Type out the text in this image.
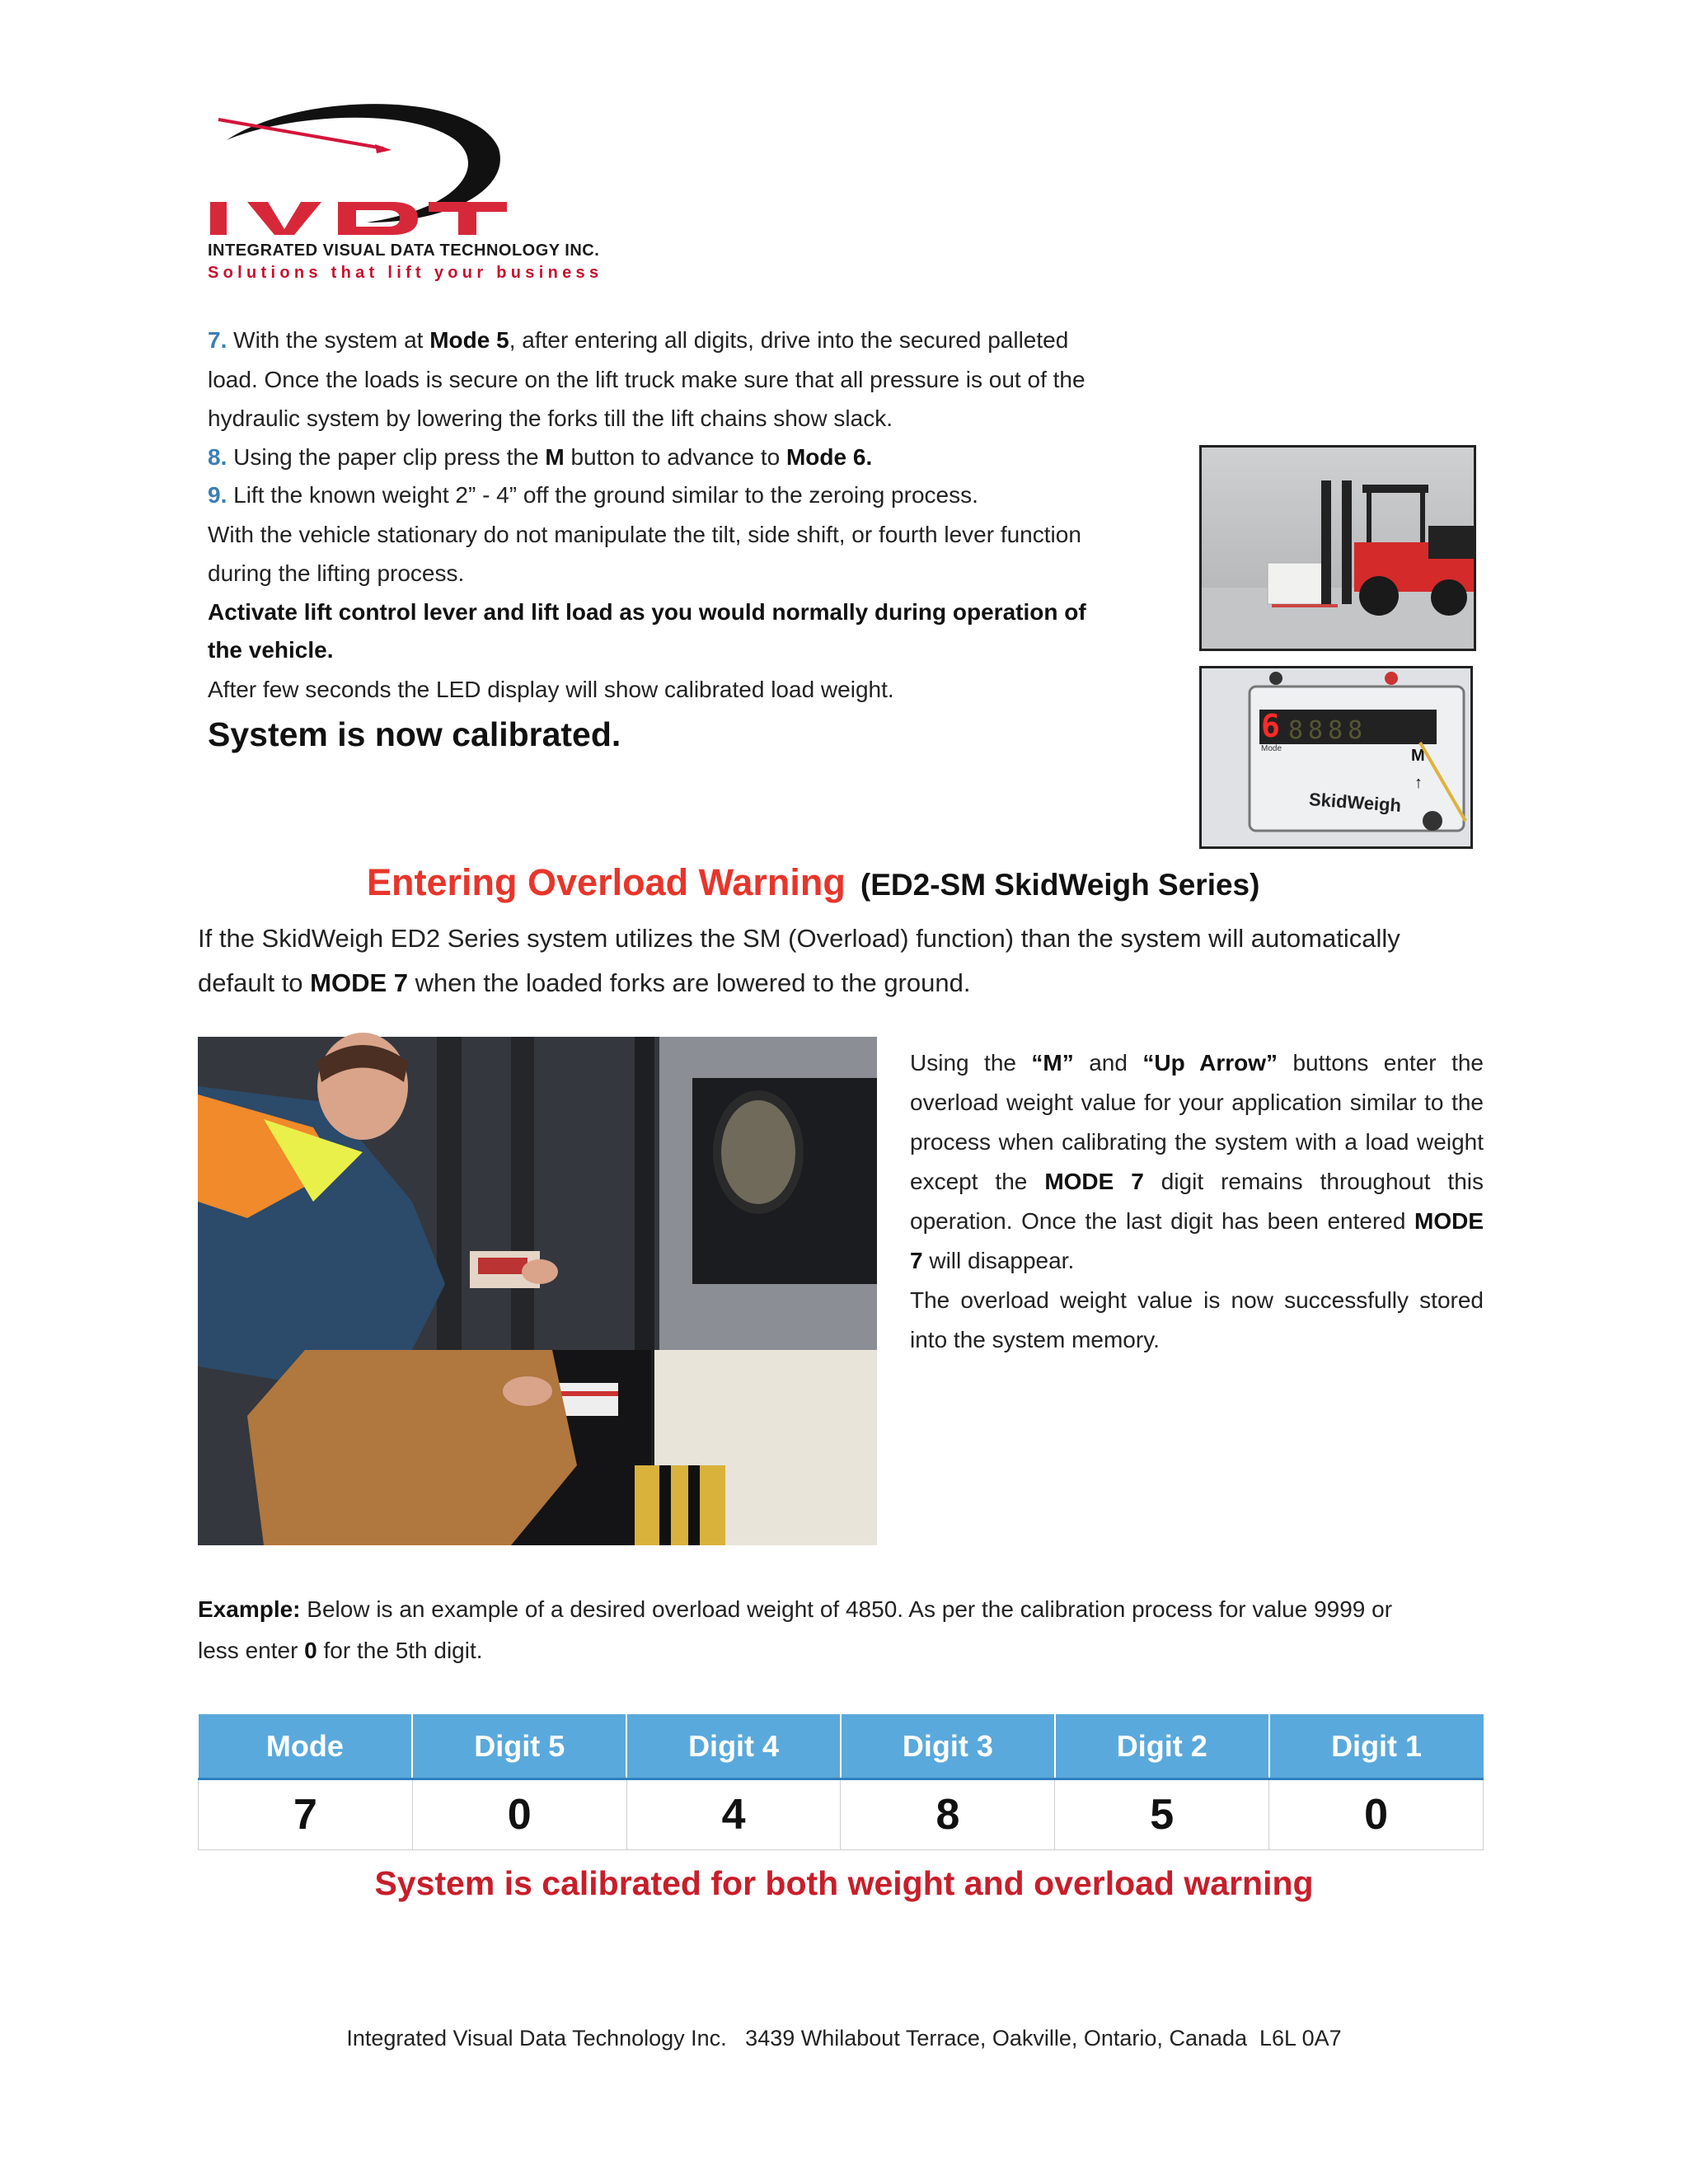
IVDT
INTEGRATED VISUAL DATA TECHNOLOGY INC.
Solutions that lift your business
7. With the system at Mode 5, after entering all digits, drive into the secured palleted
load. Once the loads is secure on the lift truck make sure that all pressure is out of the
hydraulic system by lowering the forks till the lift chains show slack.
8. Using the paper clip press the M button to advance to Mode 6.
9. Lift the known weight 2” - 4” off the ground similar to the zeroing process.
With the vehicle stationary do not manipulate the tilt, side shift, or fourth lever function
during the lifting process.
Activate lift control lever and lift load as you would normally during operation of
the vehicle.
After few seconds the LED display will show calibrated load weight.
System is now calibrated.	6 8888
Mode	M
↑
SkidWeigh
Entering Overload Warning (ED2-SM SkidWeigh Series)
If the SkidWeigh ED2 Series system utilizes the SM (Overload) function) than the system will automatically
default to MODE 7 when the loaded forks are lowered to the ground.

Using the “M” and “Up Arrow” buttons enter the overload weight value for your application similar to the process when calibrating the system with a load weight except the MODE 7 digit remains throughout this operation. Once the last digit has been entered MODE 7 will disappear.

The overload weight value is now successfully stored into the system memory.

Example: Below is an example of a desired overload weight of 4850. As per the calibration process for value 9999 or
less enter 0 for the 5th digit.
Mode	Digit 5	Digit 4	Digit 3	Digit 2	Digit 1
7	0	4	8	5	0
System is calibrated for both weight and overload warning
Integrated Visual Data Technology Inc.   3439 Whilabout Terrace, Oakville, Ontario, Canada  L6L 0A7
